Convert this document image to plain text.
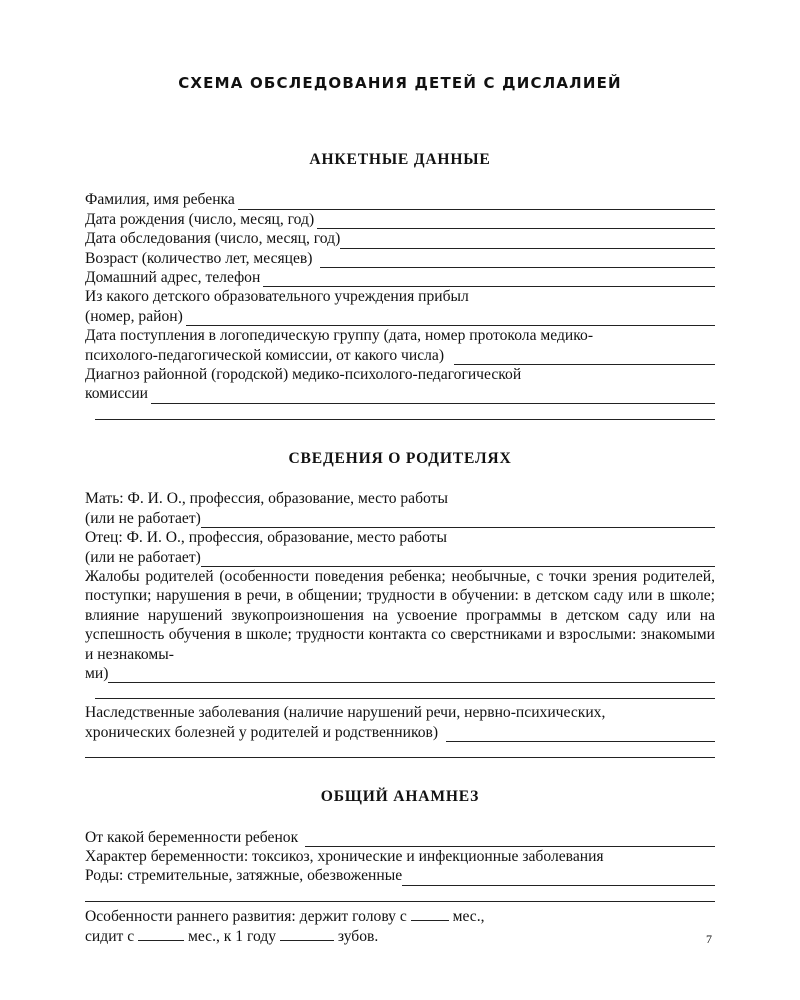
СХЕМА ОБСЛЕДОВАНИЯ ДЕТЕЙ С ДИСЛАЛИЕЙ
АНКЕТНЫЕ ДАННЫЕ
Фамилия, имя ребенка
Дата рождения (число, месяц, год)
Дата обследования (число, месяц, год)
Возраст (количество лет, месяцев)
Домашний адрес, телефон
Из какого детского образовательного учреждения прибыл
(номер, район)
Дата поступления в логопедическую группу (дата, номер протокола медико-
психолого-педагогической комиссии, от какого числа)
Диагноз районной (городской) медико-психолого-педагогической
комиссии
СВЕДЕНИЯ О РОДИТЕЛЯХ
Мать: Ф. И. О., профессия, образование, место работы
(или не работает)
Отец: Ф. И. О., профессия, образование, место работы
(или не работает)
Жалобы родителей (особенности поведения ребенка; необычные, с точки зрения родителей, поступки; нарушения в речи, в общении; трудности в обучении: в детском саду или в школе; влияние нарушений звукопроизношения на усвоение программы в детском саду или на успешность обучения в школе; трудности контакта со сверстниками и взрослыми: знакомыми и незнакомы-
ми)
Наследственные заболевания (наличие нарушений речи, нервно-психических,
хронических болезней у родителей и родственников)
ОБЩИЙ АНАМНЕЗ
От какой беременности ребенок
Характер беременности: токсикоз, хронические и инфекционные заболевания
Роды: стремительные, затяжные, обезвоженные
Особенности раннего развития: держит голову с	мес.,
сидит с	мес., к 1 году	зубов.	7
